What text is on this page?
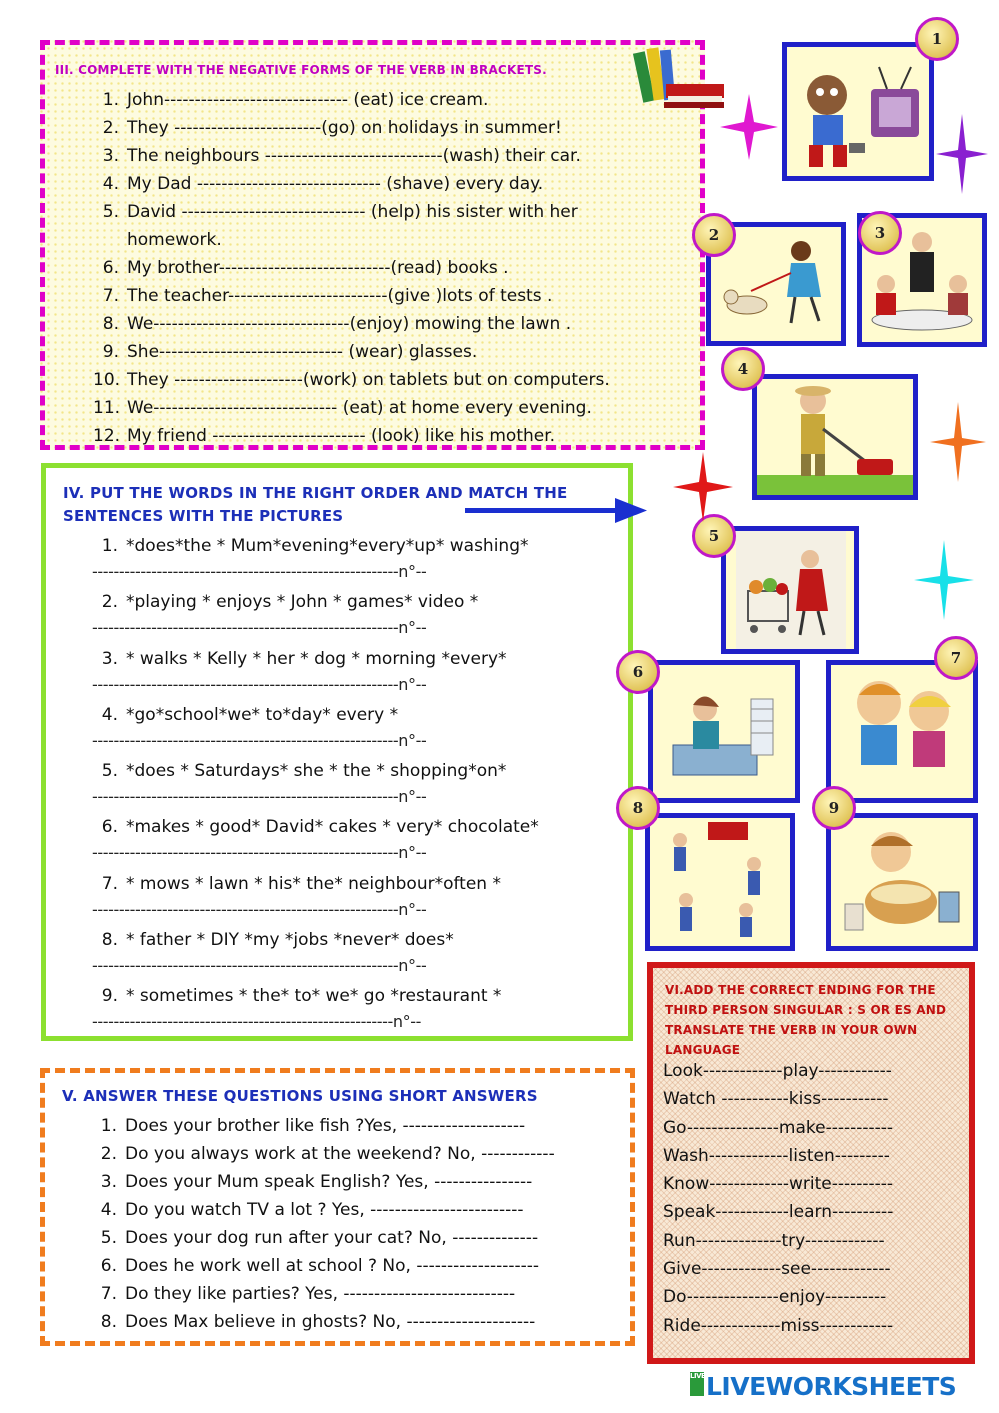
III. COMPLETE WITH THE NEGATIVE FORMS OF THE VERB IN BRACKETS.
1. John------------------------------ (eat) ice cream.
2. They ------------------------(go) on holidays in summer!
3. The neighbours -----------------------------(wash) their car.
4. My Dad ------------------------------ (shave) every day.
5. David ------------------------------ (help) his sister with her
homework.
6. My brother----------------------------(read) books .
7. The teacher--------------------------(give )lots of tests .
8. We--------------------------------(enjoy) mowing the lawn .
9. She------------------------------ (wear) glasses.
10. They ---------------------(work) on tablets but on computers.
11. We------------------------------ (eat) at home every evening.
12. My friend ------------------------- (look) like his mother.
IV. PUT THE WORDS IN THE RIGHT ORDER AND MATCH THE SENTENCES WITH THE PICTURES
1. *does*the * Mum*evening*every*up* washing*
---------------------------------------------------------n°--
2. *playing * enjoys * John * games* video *
---------------------------------------------------------n°--
3. * walks * Kelly * her * dog * morning *every*
---------------------------------------------------------n°--
4. *go*school*we* to*day* every *
---------------------------------------------------------n°--
5. *does * Saturdays* she * the * shopping*on*
---------------------------------------------------------n°--
6. *makes * good* David* cakes * very* chocolate*
---------------------------------------------------------n°--
7. * mows * lawn * his* the* neighbour*often *
---------------------------------------------------------n°--
8. * father * DIY *my *jobs *never* does*
---------------------------------------------------------n°--
9. * sometimes * the* to* we* go *restaurant *
--------------------------------------------------------n°--
V. ANSWER THESE QUESTIONS USING SHORT ANSWERS
1. Does your brother like fish ?Yes, --------------------
2. Do you always work at the weekend? No, ------------
3. Does your Mum speak English? Yes, ----------------
4. Do you watch TV a lot ? Yes, -------------------------
5. Does your dog run after your cat? No, --------------
6. Does he work well at school ? No, --------------------
7. Do they like parties? Yes, ----------------------------
8. Does Max believe in ghosts? No, ---------------------
VI.ADD THE CORRECT ENDING FOR THE THIRD PERSON SINGULAR : S OR ES AND TRANSLATE THE VERB IN YOUR OWN LANGUAGE
Look-------------play------------
Watch -----------kiss-----------
Go---------------make-----------
Wash-------------listen---------
Know-------------write----------
Speak------------learn----------
Run--------------try-------------
Give-------------see-------------
Do---------------enjoy----------
Ride-------------miss------------
1
2	3
4
5
6
7
8	9
LIVELIVEWORKSHEETS
